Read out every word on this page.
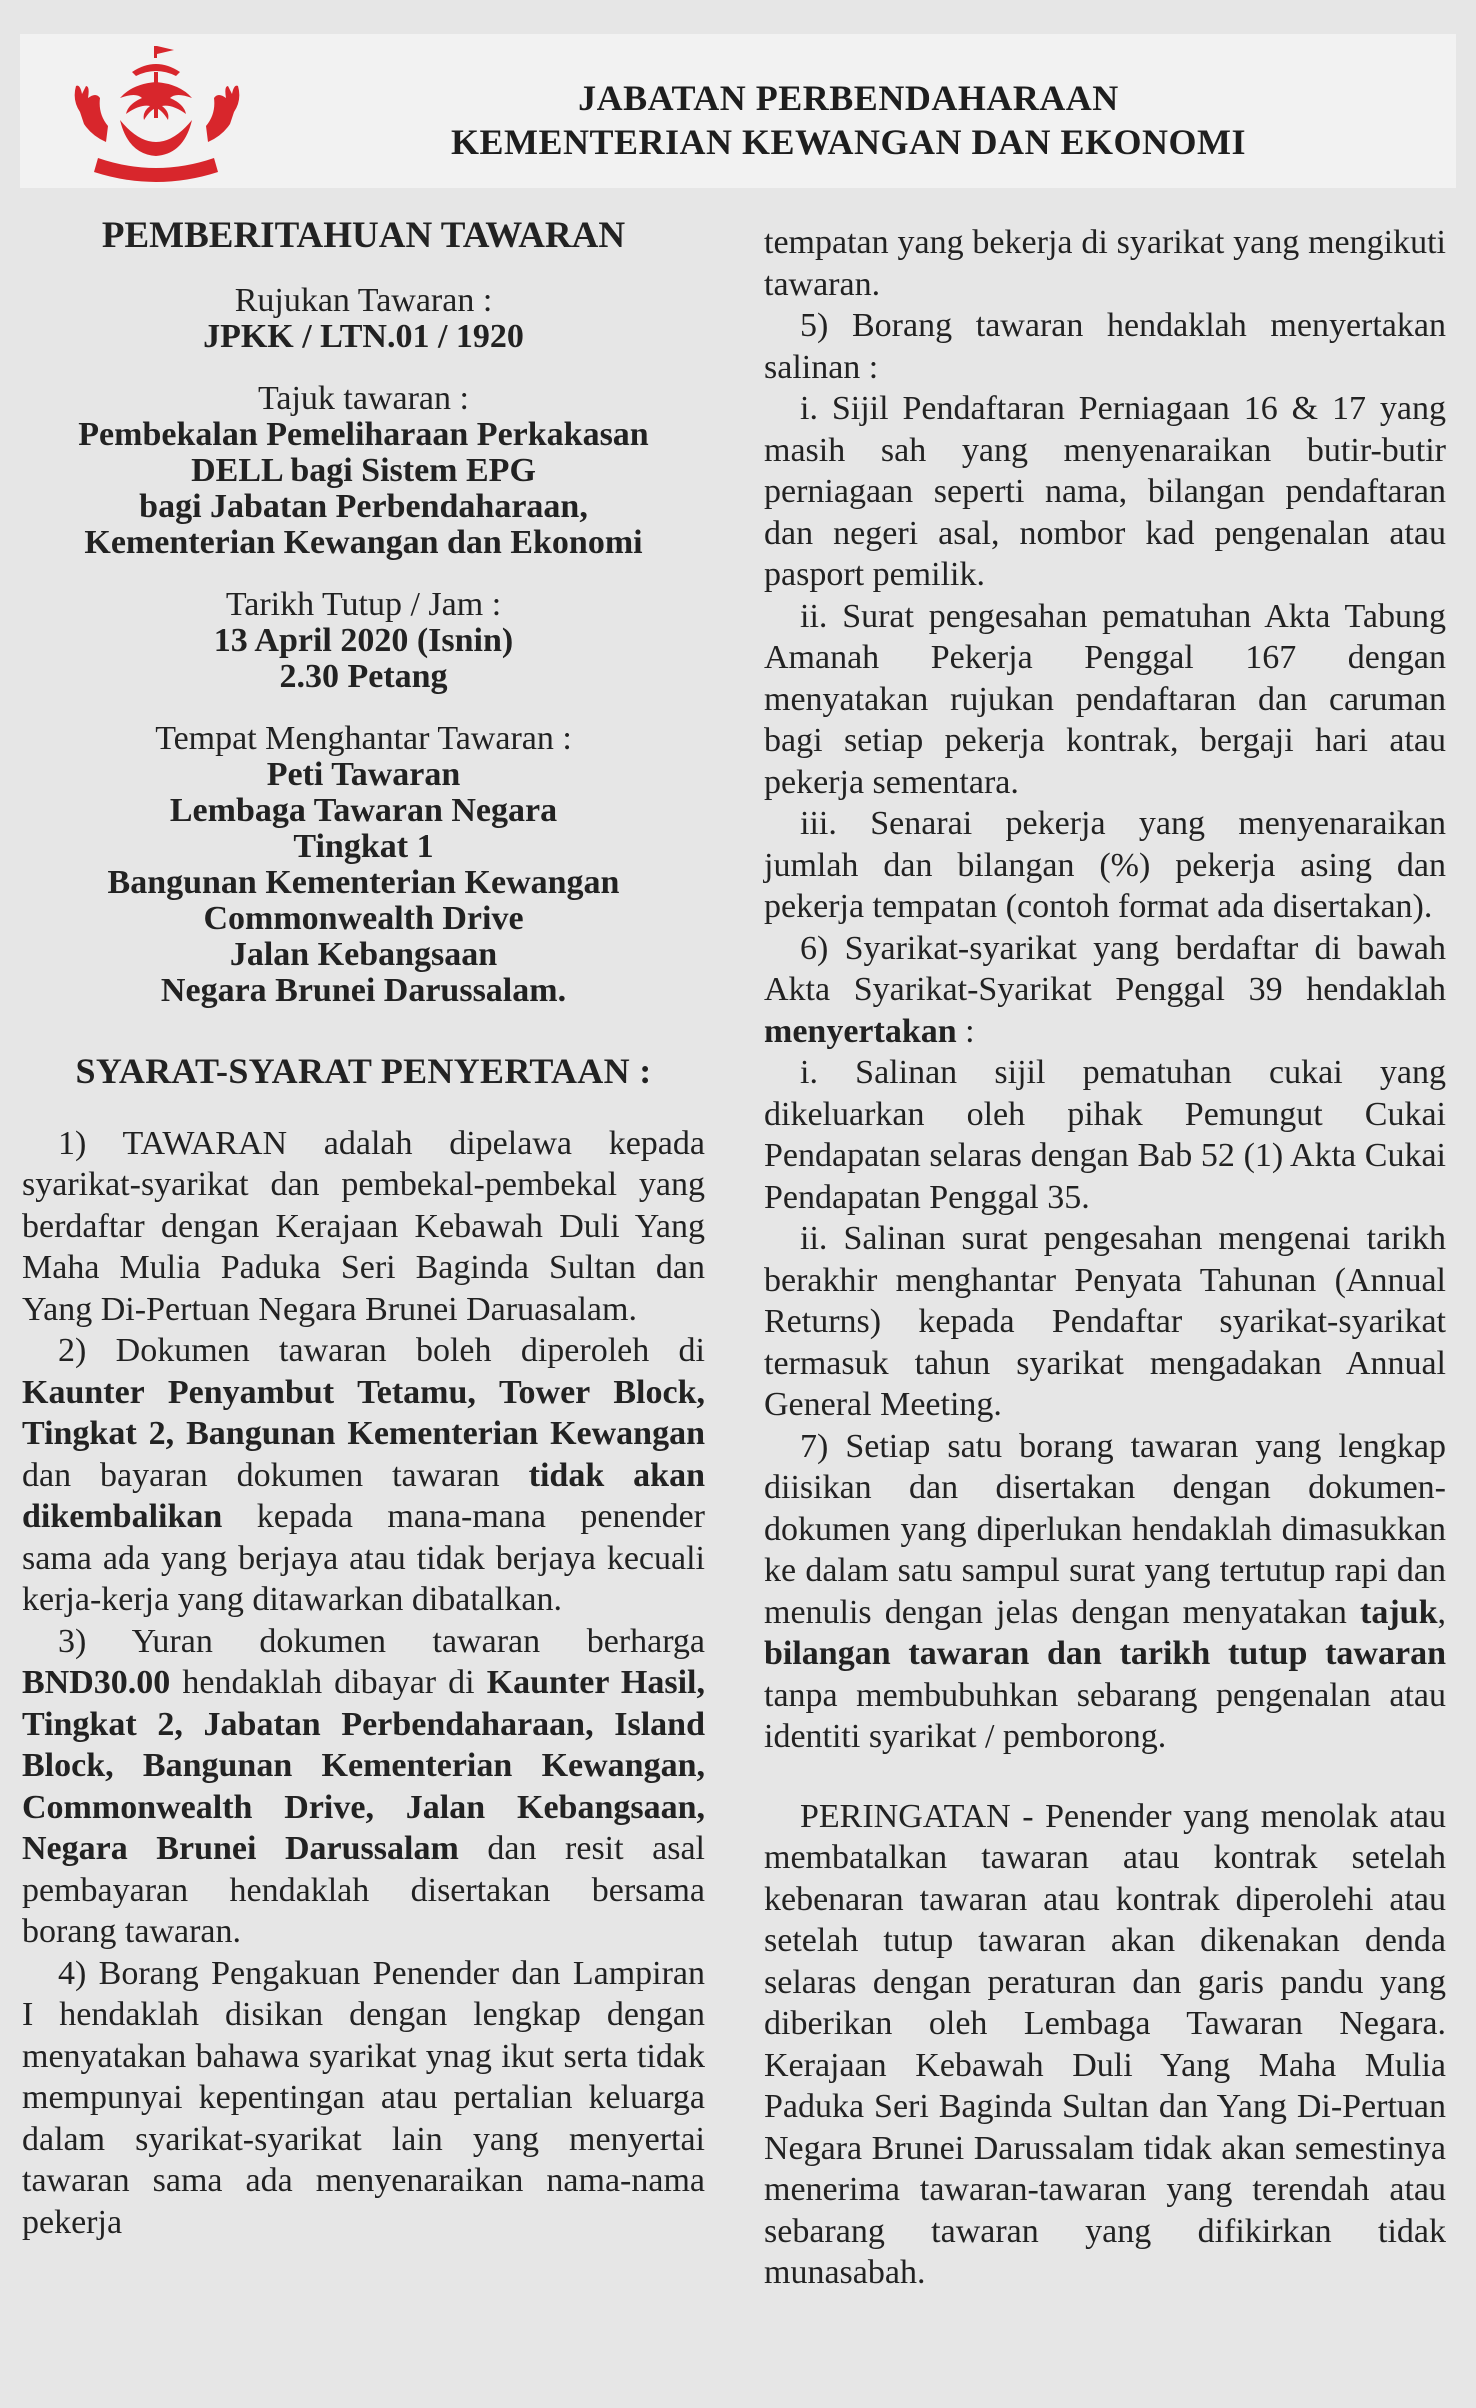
JABATAN PERBENDAHARAAN
KEMENTERIAN KEWANGAN DAN EKONOMI
PEMBERITAHUAN TAWARAN
Rujukan Tawaran :
JPKK / LTN.01 / 1920
Tajuk tawaran :
Pembekalan Pemeliharaan Perkakasan
DELL bagi Sistem EPG
bagi Jabatan Perbendaharaan,
Kementerian Kewangan dan Ekonomi
Tarikh Tutup / Jam :
13 April 2020 (Isnin)
2.30 Petang
Tempat Menghantar Tawaran :
Peti Tawaran
Lembaga Tawaran Negara
Tingkat 1
Bangunan Kementerian Kewangan
Commonwealth Drive
Jalan Kebangsaan
Negara Brunei Darussalam.
SYARAT-SYARAT PENYERTAAN :

1) TAWARAN adalah dipelawa kepada syarikat-syarikat dan pembekal-pembekal yang berdaftar dengan Kerajaan Kebawah Duli Yang Maha Mulia Paduka Seri Baginda Sultan dan Yang Di-Pertuan Negara Brunei Daruasalam.

2) Dokumen tawaran boleh diperoleh di Kaunter Penyambut Tetamu, Tower Block, Tingkat 2, Bangunan Kementerian Kewangan dan bayaran dokumen tawaran tidak akan dikembalikan kepada mana-mana penender sama ada yang berjaya atau tidak berjaya kecuali kerja-kerja yang ditawarkan dibatalkan.

3) Yuran dokumen tawaran berharga BND30.00 hendaklah dibayar di Kaunter Hasil, Tingkat 2, Jabatan Perbendaharaan, Island Block, Bangunan Kementerian Kewangan, Commonwealth Drive, Jalan Kebangsaan, Negara Brunei Darussalam dan resit asal pembayaran hendaklah disertakan bersama borang tawaran.

4) Borang Pengakuan Penender dan Lampiran I hendaklah disikan dengan lengkap dengan menyatakan bahawa syarikat ynag ikut serta tidak mempunyai kepentingan atau pertalian keluarga dalam syarikat-syarikat lain yang menyertai tawaran sama ada menyenaraikan nama-nama pekerja

tempatan yang bekerja di syarikat yang mengikuti tawaran.

5) Borang tawaran hendaklah menyertakan salinan :

i. Sijil Pendaftaran Perniagaan 16 & 17 yang masih sah yang menyenaraikan butir-butir perniagaan seperti nama, bilangan pendaftaran dan negeri asal, nombor kad pengenalan atau pasport pemilik.

ii. Surat pengesahan pematuhan Akta Tabung Amanah Pekerja Penggal 167 dengan menyatakan rujukan pendaftaran dan caruman bagi setiap pekerja kontrak, bergaji hari atau pekerja sementara.

iii. Senarai pekerja yang menyenaraikan jumlah dan bilangan (%) pekerja asing dan pekerja tempatan (contoh format ada disertakan).

6) Syarikat-syarikat yang berdaftar di bawah Akta Syarikat-Syarikat Penggal 39 hendaklah menyertakan :

i. Salinan sijil pematuhan cukai yang dikeluarkan oleh pihak Pemungut Cukai Pendapatan selaras dengan Bab 52 (1) Akta Cukai Pendapatan Penggal 35.

ii. Salinan surat pengesahan mengenai tarikh berakhir menghantar Penyata Tahunan (Annual Returns) kepada Pendaftar syarikat-syarikat termasuk tahun syarikat mengadakan Annual General Meeting.

7) Setiap satu borang tawaran yang lengkap diisikan dan disertakan dengan dokumen-dokumen yang diperlukan hendaklah dimasukkan ke dalam satu sampul surat yang tertutup rapi dan menulis dengan jelas dengan menyatakan tajuk, bilangan tawaran dan tarikh tutup tawaran tanpa membubuhkan sebarang pengenalan atau identiti syarikat / pemborong.

PERINGATAN - Penender yang menolak atau membatalkan tawaran atau kontrak setelah kebenaran tawaran atau kontrak diperolehi atau setelah tutup tawaran akan dikenakan denda selaras dengan peraturan dan garis pandu yang diberikan oleh Lembaga Tawaran Negara. Kerajaan Kebawah Duli Yang Maha Mulia Paduka Seri Baginda Sultan dan Yang Di-Pertuan Negara Brunei Darussalam tidak akan semestinya menerima tawaran-tawaran yang terendah atau sebarang tawaran yang difikirkan tidak munasabah.
